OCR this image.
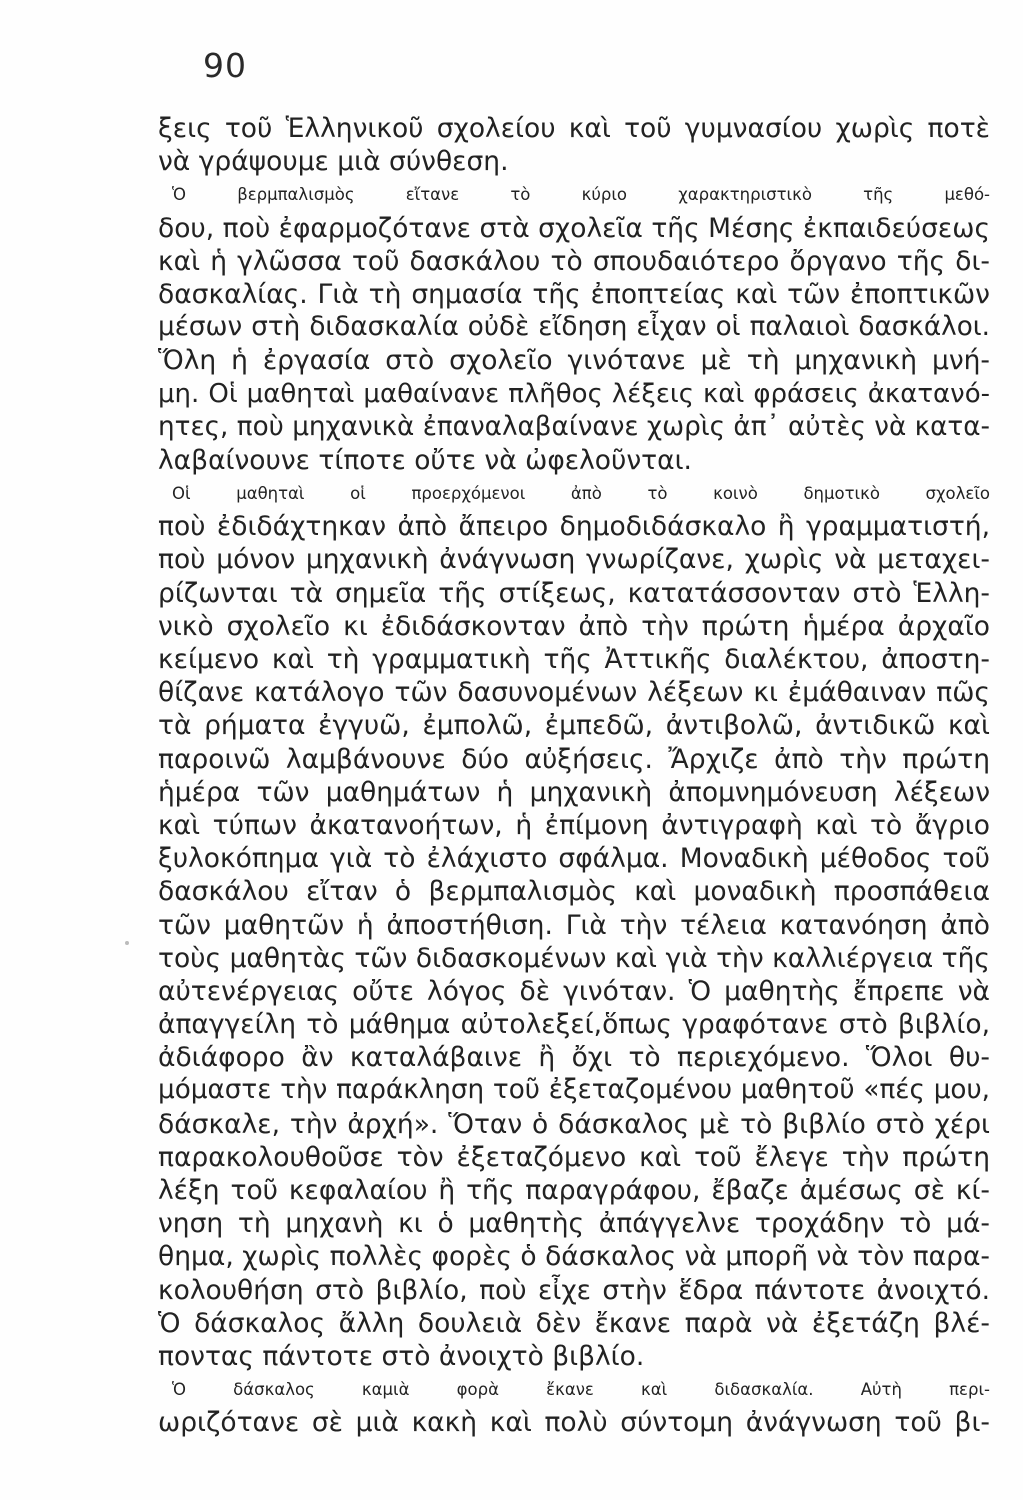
90
ξεις τοῦ Ἑλληνικοῦ σχολείου καὶ τοῦ γυμνασίου χωρὶς ποτὲ
νὰ γράψουμε μιὰ σύνθεση.
Ὁ βερμπαλισμὸς εἴτανε τὸ κύριο χαρακτηριστικὸ τῆς μεθό-
δου, ποὺ ἐφαρμοζότανε στὰ σχολεῖα τῆς Μέσης ἐκπαιδεύσεως
καὶ ἡ γλῶσσα τοῦ δασκάλου τὸ σπουδαιότερο ὄργανο τῆς δι-
δασκαλίας. Γιὰ τὴ σημασία τῆς ἐποπτείας καὶ τῶν ἐποπτικῶν
μέσων στὴ διδασκαλία οὐδὲ εἴδηση εἶχαν οἱ παλαιοὶ δασκάλοι.
Ὅλη ἡ ἐργασία στὸ σχολεῖο γινότανε μὲ τὴ μηχανικὴ μνή-
μη. Οἱ μαθηταὶ μαθαίνανε πλῆθος λέξεις καὶ φράσεις ἀκατανό-
ητες, ποὺ μηχανικὰ ἐπαναλαβαίνανε χωρὶς ἀπ᾿ αὐτὲς νὰ κατα-
λαβαίνουνε τίποτε οὔτε νὰ ὠφελοῦνται.
Οἱ μαθηταὶ οἱ προερχόμενοι ἀπὸ τὸ κοινὸ δημοτικὸ σχολεῖο
ποὺ ἐδιδάχτηκαν ἀπὸ ἄπειρο δημοδιδάσκαλο ἢ γραμματιστή,
ποὺ μόνον μηχανικὴ ἀνάγνωση γνωρίζανε, χωρὶς νὰ μεταχει-
ρίζωνται τὰ σημεῖα τῆς στίξεως, κατατάσσονταν στὸ Ἑλλη-
νικὸ σχολεῖο κι ἐδιδάσκονταν ἀπὸ τὴν πρώτη ἡμέρα ἀρχαῖο
κείμενο καὶ τὴ γραμματικὴ τῆς Ἀττικῆς διαλέκτου, ἀποστη-
θίζανε κατάλογο τῶν δασυνομένων λέξεων κι ἐμάθαιναν πῶς
τὰ ρήματα ἐγγυῶ, ἐμπολῶ, ἐμπεδῶ, ἀντιβολῶ, ἀντιδικῶ καὶ
παροινῶ λαμβάνουνε δύο αὐξήσεις. Ἄρχιζε ἀπὸ τὴν πρώτη
ἡμέρα τῶν μαθημάτων ἡ μηχανικὴ ἀπομνημόνευση λέξεων
καὶ τύπων ἀκατανοήτων, ἡ ἐπίμονη ἀντιγραφὴ καὶ τὸ ἄγριο
ξυλοκόπημα γιὰ τὸ ἐλάχιστο σφάλμα. Μοναδικὴ μέθοδος τοῦ
δασκάλου εἴταν ὁ βερμπαλισμὸς καὶ μοναδικὴ προσπάθεια
τῶν μαθητῶν ἡ ἀποστήθιση. Γιὰ τὴν τέλεια κατανόηση ἀπὸ
τοὺς μαθητὰς τῶν διδασκομένων καὶ γιὰ τὴν καλλιέργεια τῆς
αὐτενέργειας οὔτε λόγος δὲ γινόταν. Ὁ μαθητὴς ἔπρεπε νὰ
ἀπαγγείλη τὸ μάθημα αὐτολεξεί,ὅπως γραφότανε στὸ βιβλίο,
ἀδιάφορο ἂν καταλάβαινε ἢ ὄχι τὸ περιεχόμενο. Ὅλοι θυ-
μόμαστε τὴν παράκληση τοῦ ἐξεταζομένου μαθητοῦ «πές μου,
δάσκαλε, τὴν ἀρχή». Ὅταν ὁ δάσκαλος μὲ τὸ βιβλίο στὸ χέρι
παρακολουθοῦσε τὸν ἐξεταζόμενο καὶ τοῦ ἔλεγε τὴν πρώτη
λέξη τοῦ κεφαλαίου ἢ τῆς παραγράφου, ἔβαζε ἀμέσως σὲ κί-
νηση τὴ μηχανὴ κι ὁ μαθητὴς ἀπάγγελνε τροχάδην τὸ μά-
θημα, χωρὶς πολλὲς φορὲς ὁ δάσκαλος νὰ μπορῆ νὰ τὸν παρα-
κολουθήση στὸ βιβλίο, ποὺ εἶχε στὴν ἕδρα πάντοτε ἀνοιχτό.
Ὁ δάσκαλος ἄλλη δουλειὰ δὲν ἔκανε παρὰ νὰ ἐξετάζη βλέ-
ποντας πάντοτε στὸ ἀνοιχτὸ βιβλίο.
Ὁ δάσκαλος καμιὰ φορὰ ἔκανε καὶ διδασκαλία. Αὐτὴ περι-
ωριζότανε σὲ μιὰ κακὴ καὶ πολὺ σύντομη ἀνάγνωση τοῦ βι-
